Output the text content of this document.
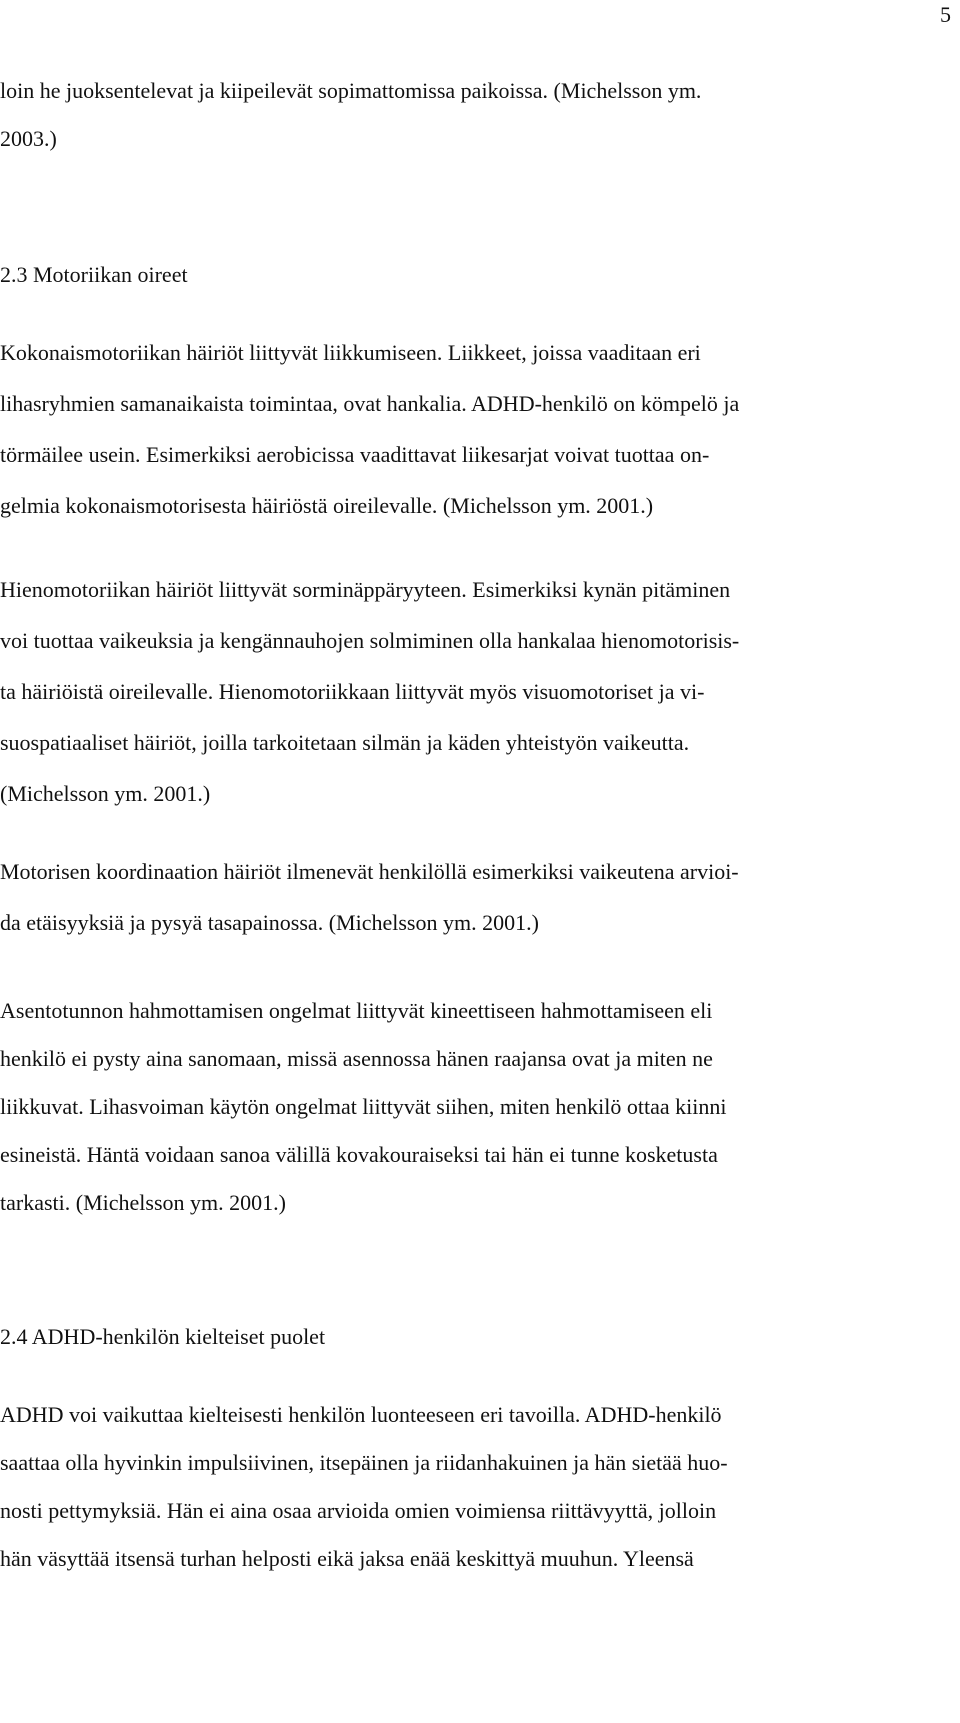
5
loin he juoksentelevat ja kiipeilevät sopimattomissa paikoissa. (Michelsson ym.
2003.)
2.3 Motoriikan oireet
Kokonaismotoriikan häiriöt liittyvät liikkumiseen. Liikkeet, joissa vaaditaan eri
lihasryhmien samanaikaista toimintaa, ovat hankalia. ADHD-henkilö on kömpelö ja
törmäilee usein. Esimerkiksi aerobicissa vaadittavat liikesarjat voivat tuottaa on-
gelmia kokonaismotorisesta häiriöstä oireilevalle. (Michelsson ym. 2001.)
Hienomotoriikan häiriöt liittyvät sorminäppäryyteen. Esimerkiksi kynän pitäminen
voi tuottaa vaikeuksia ja kengännauhojen solmiminen olla hankalaa hienomotorisis-
ta häiriöistä oireilevalle. Hienomotoriikkaan liittyvät myös visuomotoriset ja vi-
suospatiaaliset häiriöt, joilla tarkoitetaan silmän ja käden yhteistyön vaikeutta.
(Michelsson ym. 2001.)
Motorisen koordinaation häiriöt ilmenevät henkilöllä esimerkiksi vaikeutena arvioi-
da etäisyyksiä ja pysyä tasapainossa. (Michelsson ym. 2001.)
Asentotunnon hahmottamisen ongelmat liittyvät kineettiseen hahmottamiseen eli
henkilö ei pysty aina sanomaan, missä asennossa hänen raajansa ovat ja miten ne
liikkuvat. Lihasvoiman käytön ongelmat liittyvät siihen, miten henkilö ottaa kiinni
esineistä. Häntä voidaan sanoa välillä kovakouraiseksi tai hän ei tunne kosketusta
tarkasti. (Michelsson ym. 2001.)
2.4 ADHD-henkilön kielteiset puolet
ADHD voi vaikuttaa kielteisesti henkilön luonteeseen eri tavoilla. ADHD-henkilö
saattaa olla hyvinkin impulsiivinen, itsepäinen ja riidanhakuinen ja hän sietää huo-
nosti pettymyksiä. Hän ei aina osaa arvioida omien voimiensa riittävyyttä, jolloin
hän väsyttää itsensä turhan helposti eikä jaksa enää keskittyä muuhun. Yleensä
